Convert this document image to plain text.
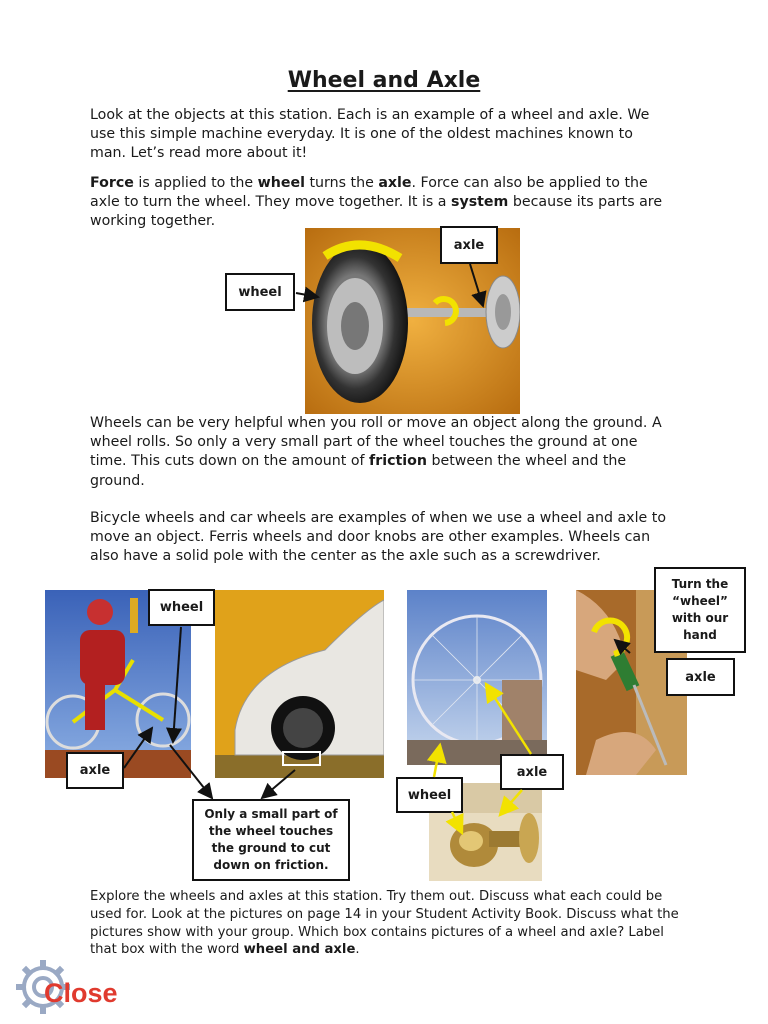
Wheel and Axle
Look at the objects at this station. Each is an example of a wheel and axle. We use this simple machine everyday. It is one of the oldest machines known to man. Let’s read more about it!
Force is applied to the wheel turns the axle. Force can also be applied to the axle to turn the wheel. They move together. It is a system because its parts are working together.
axle
wheel
Wheels can be very helpful when you roll or move an object along the ground. A wheel rolls. So only a very small part of the wheel touches the ground at one time. This cuts down on the amount of friction between the wheel and the ground.
Bicycle wheels and car wheels are examples of when we use a wheel and axle to move an object. Ferris wheels and door knobs are other examples. Wheels can also have a solid pole with the center as the axle such as a screwdriver.
wheel
axle
Only a small part of the wheel touches the ground to cut down on friction.
wheel
axle
Turn the “wheel” with our hand
axle
Explore the wheels and axles at this station. Try them out. Discuss what each could be used for. Look at the pictures on page 14 in your Student Activity Book. Discuss what the pictures show with your group. Which box contains pictures of a wheel and axle? Label that box with the word wheel and axle.
Close
